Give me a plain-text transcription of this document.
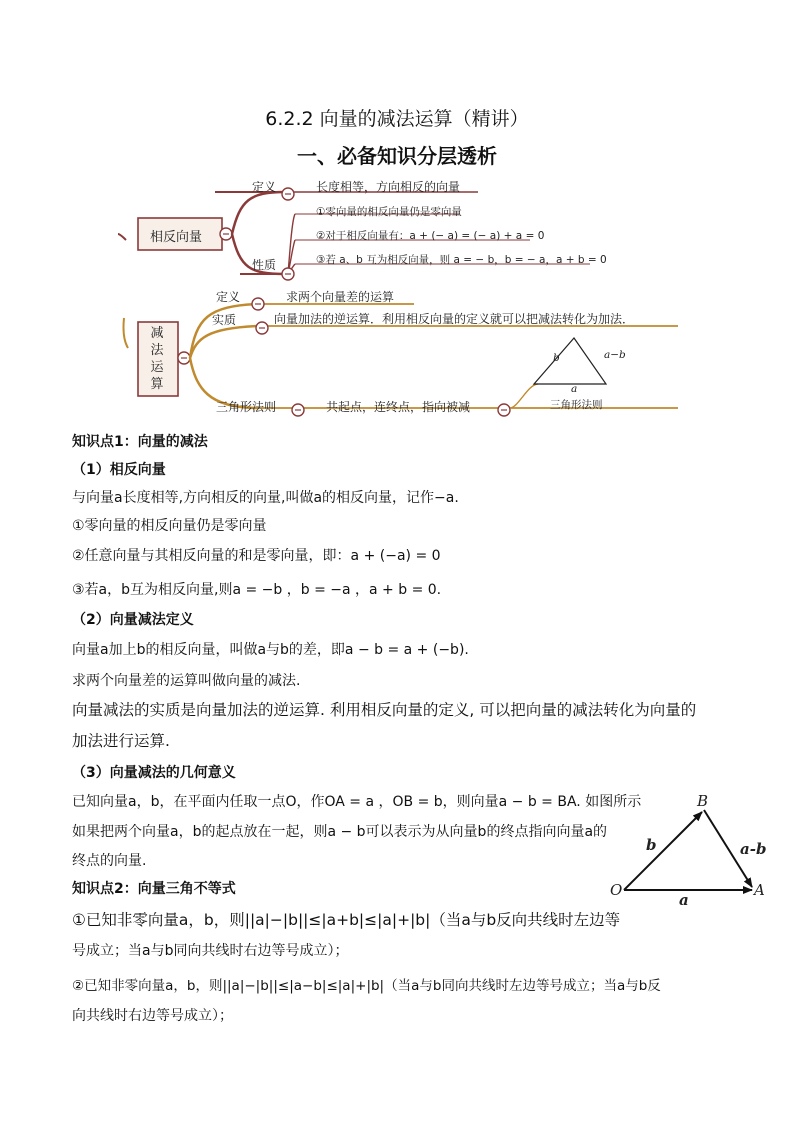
6.2.2 向量的减法运算（精讲）
一、必备知识分层透析
相反向量
定义	长度相等，方向相反的向量
①零向量的相反向量仍是零向量
②对于相反向量有：a + (− a) = (− a) + a = 0
性质	③若 a、b 互为相反向量，则 a = − b，b = − a，a + b = 0
减
法
运
算
定义	求两个向量差的运算
实质	向量加法的逆运算．利用相反向量的定义就可以把减法转化为加法．
三角形法则	共起点，连终点，指向被减
b	a−b
a
三角形法则
知识点1：向量的减法
（1）相反向量
与向量a长度相等,方向相反的向量,叫做a的相反向量，记作−a.
①零向量的相反向量仍是零向量
②任意向量与其相反向量的和是零向量，即：a + (−a) = 0
③若a，b互为相反向量,则a = −b ，b = −a ，a + b = 0.
（2）向量减法定义
向量a加上b的相反向量，叫做a与b的差，即a − b = a + (−b).
求两个向量差的运算叫做向量的减法.
向量减法的实质是向量加法的逆运算. 利用相反向量的定义, 可以把向量的减法转化为向量的
加法进行运算.
（3）向量减法的几何意义
已知向量a，b，在平面内任取一点O，作OA = a ，OB = b，则向量a − b = BA. 如图所示
如果把两个向量a，b的起点放在一起，则a − b可以表示为从向量b的终点指向向量a的
终点的向量.
知识点2：向量三角不等式
①已知非零向量a，b，则||a|−|b||≤|a+b|≤|a|+|b|（当a与b反向共线时左边等
号成立；当a与b同向共线时右边等号成立）；
②已知非零向量a，b，则||a|−|b||≤|a−b|≤|a|+|b|（当a与b同向共线时左边等号成立；当a与b反
向共线时右边等号成立）；
B
O	A
b
a
a-b
